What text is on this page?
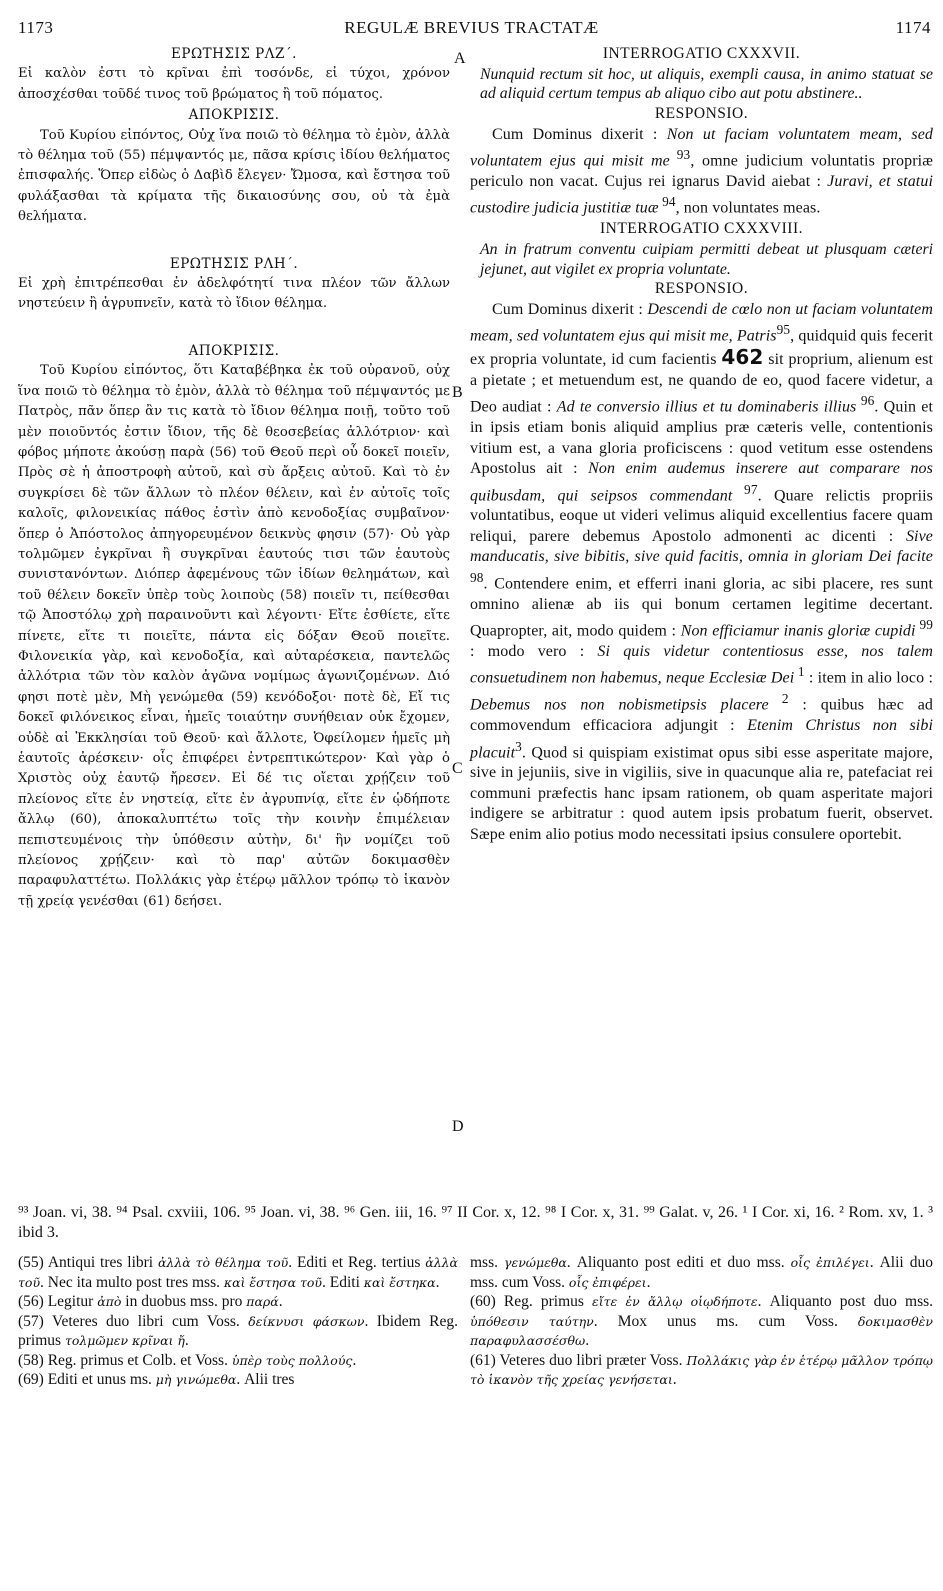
1173	REGULÆ BREVIUS TRACTATÆ	1174
A
B
C
D

ΕΡΩΤΗΣΙΣ ΡΛΖ΄.

Εἰ καλὸν ἐστι τὸ κρῖναι ἐπὶ τοσόνδε, εἰ τύχοι, χρόνον ἀποσχέσθαι τοῦδέ τινος τοῦ βρώματος ἢ τοῦ πόματος.

ΑΠΟΚΡΙΣΙΣ.

Τοῦ Κυρίου εἰπόντος, Οὐχ ἵνα ποιῶ τὸ θέλημα τὸ ἐμὸν, ἀλλὰ τὸ θέλημα τοῦ (55) πέμψαντός με, πᾶσα κρίσις ἰδίου θελήματος ἐπισφαλής. Ὅπερ εἰδὼς ὁ Δαβὶδ ἔλεγεν· Ὤμοσα, καὶ ἔστησα τοῦ φυλάξασθαι τὰ κρίματα τῆς δικαιοσύνης σου, οὐ τὰ ἐμὰ θελήματα.

ΕΡΩΤΗΣΙΣ ΡΛΗ΄.

Εἰ χρὴ ἐπιτρέπεσθαι ἐν ἀδελφότητί τινα πλέον τῶν ἄλλων νηστεύειν ἢ ἀγρυπνεῖν, κατὰ τὸ ἴδιον θέλημα.

ΑΠΟΚΡΙΣΙΣ.

Τοῦ Κυρίου εἰπόντος, ὅτι Καταβέβηκα ἐκ τοῦ οὐρανοῦ, οὐχ ἵνα ποιῶ τὸ θέλημα τὸ ἐμὸν, ἀλλὰ τὸ θέλημα τοῦ πέμψαντός με Πατρὸς, πᾶν ὅπερ ἂν τις κατὰ τὸ ἴδιον θέλημα ποιῇ, τοῦτο τοῦ μὲν ποιοῦντός ἐστιν ἴδιον, τῆς δὲ θεοσεβείας ἀλλότριον· καὶ φόβος μήποτε ἀκούσῃ παρὰ (56) τοῦ Θεοῦ περὶ οὗ δοκεῖ ποιεῖν, Πρὸς σὲ ἡ ἀποστροφὴ αὐτοῦ, καὶ σὺ ἄρξεις αὐτοῦ. Καὶ τὸ ἐν συγκρίσει δὲ τῶν ἄλλων τὸ πλέον θέλειν, καὶ ἐν αὐτοῖς τοῖς καλοῖς, φιλονεικίας πάθος ἐστὶν ἀπὸ κενοδοξίας συμβαῖνον· ὅπερ ὁ Ἀπόστολος ἀπηγορευμένον δεικνὺς φησιν (57)· Οὐ γὰρ τολμῶμεν ἐγκρῖναι ἢ συγκρῖναι ἑαυτούς τισι τῶν ἑαυτοὺς συνιστανόντων. Διόπερ ἀφεμένους τῶν ἰδίων θελημάτων, καὶ τοῦ θέλειν δοκεῖν ὑπὲρ τοὺς λοιποὺς (58) ποιεῖν τι, πείθεσθαι τῷ Ἀποστόλῳ χρὴ παραινοῦντι καὶ λέγοντι· Εἴτε ἐσθίετε, εἴτε πίνετε, εἴτε τι ποιεῖτε, πάντα εἰς δόξαν Θεοῦ ποιεῖτε. Φιλονεικία γὰρ, καὶ κενοδοξία, καὶ αὐταρέσκεια, παντελῶς ἀλλότρια τῶν τὸν καλὸν ἀγῶνα νομίμως ἀγωνιζομένων. Διό φησι ποτὲ μὲν, Μὴ γενώμεθα (59) κενόδοξοι· ποτὲ δὲ, Εἴ τις δοκεῖ φιλόνεικος εἶναι, ἡμεῖς τοιαύτην συνήθειαν οὐκ ἔχομεν, οὐδὲ αἱ Ἐκκλησίαι τοῦ Θεοῦ· καὶ ἄλλοτε, Ὀφείλομεν ἡμεῖς μὴ ἑαυτοῖς ἀρέσκειν· οἷς ἐπιφέρει ἐντρεπτικώτερον· Καὶ γὰρ ὁ Χριστὸς οὐχ ἑαυτῷ ἤρεσεν. Εἰ δέ τις οἴεται χρῄζειν τοῦ πλείονος εἴτε ἐν νηστείᾳ, εἴτε ἐν ἀγρυπνίᾳ, εἴτε ἐν ᾡδήποτε ἄλλῳ (60), ἀποκαλυπτέτω τοῖς τὴν κοινὴν ἐπιμέλειαν πεπιστευμένοις τὴν ὑπόθεσιν αὐτὴν, δι' ἣν νομίζει τοῦ πλείονος χρῄζειν· καὶ τὸ παρ' αὐτῶν δοκιμασθὲν παραφυλαττέτω. Πολλάκις γὰρ ἑτέρῳ μᾶλλον τρόπῳ τὸ ἱκανὸν τῇ χρείᾳ γενέσθαι (61) δεήσει.

INTERROGATIO CXXXVII.

Nunquid rectum sit hoc, ut aliquis, exempli causa, in animo statuat se ad aliquid certum tempus ab aliquo cibo aut potu abstinere..

RESPONSIO.

Cum Dominus dixerit : Non ut faciam voluntatem meam, sed voluntatem ejus qui misit me $^{93}$, omne judicium voluntatis propriæ periculo non vacat. Cujus rei ignarus David aiebat : Juravi, et statui custodire judicia justitiæ tuæ $^{94}$, non voluntates meas.

INTERROGATIO CXXXVIII.

An in fratrum conventu cuipiam permitti debeat ut plusquam cæteri jejunet, aut vigilet ex propria voluntate.

RESPONSIO.

Cum Dominus dixerit : Descendi de cœlo non ut faciam voluntatem meam, sed voluntatem ejus qui misit me, Patris$^{95}$, quidquid quis fecerit ex propria voluntate, id cum facientis 462 sit proprium, alienum est a pietate ; et metuendum est, ne quando de eo, quod facere videtur, a Deo audiat : Ad te conversio illius et tu dominaberis illius $^{96}$. Quin et in ipsis etiam bonis aliquid amplius præ cæteris velle, contentionis vitium est, a vana gloria proficiscens : quod vetitum esse ostendens Apostolus ait : Non enim audemus inserere aut comparare nos quibusdam, qui seipsos commendant $^{97}$. Quare relictis propriis voluntatibus, eoque ut videri velimus aliquid excellentius facere quam reliqui, parere debemus Apostolo admonenti ac dicenti : Sive manducatis, sive bibitis, sive quid facitis, omnia in gloriam Dei facite $^{98}$. Contendere enim, et efferri inani gloria, ac sibi placere, res sunt omnino alienæ ab iis qui bonum certamen legitime decertant. Quapropter, ait, modo quidem : Non efficiamur inanis gloriæ cupidi $^{99}$ : modo vero : Si quis videtur contentiosus esse, nos talem consuetudinem non habemus, neque Ecclesiæ Dei $^1$ : item in alio loco : Debemus nos non nobismetipsis placere $^2$ : quibus hæc ad commovendum efficaciora adjungit : Etenim Christus non sibi placuit$^3$. Quod si quispiam existimat opus sibi esse asperitate majore, sive in jejuniis, sive in vigiliis, sive in quacunque alia re, patefaciat rei communi præfectis hanc ipsam rationem, ob quam asperitate majori indigere se arbitratur : quod autem ipsis probatum fuerit, observet. Sæpe enim alio potius modo necessitati ipsius consulere oportebit.

⁹³ Joan. vi, 38. ⁹⁴ Psal. cxviii, 106. ⁹⁵ Joan. vi, 38. ⁹⁶ Gen. iii, 16. ⁹⁷ II Cor. x, 12. ⁹⁸ I Cor. x, 31. ⁹⁹ Galat. v, 26. ¹ I Cor. xi, 16. ² Rom. xv, 1. ³ ibid 3.

(55) Antiqui tres libri ἀλλὰ τὸ θέλημα τοῦ. Editi et Reg. tertius ἀλλὰ τοῦ. Nec ita multo post tres mss. καὶ ἔστησα τοῦ. Editi καὶ ἔστηκα.

(56) Legitur ἀπὸ in duobus mss. pro παρά.

(57) Veteres duo libri cum Voss. δείκνυσι φάσκων. Ibidem Reg. primus τολμῶμεν κρῖναι ἤ.

(58) Reg. primus et Colb. et Voss. ὑπὲρ τοὺς πολλούς.

(69) Editi et unus ms. μὴ γινώμεθα. Alii tres

mss. γενώμεθα. Aliquanto post editi et duo mss. οἷς ἐπιλέγει. Alii duo mss. cum Voss. οἷς ἐπιφέρει.

(60) Reg. primus εἴτε ἐν ἄλλῳ οἱῳδήποτε. Aliquanto post duo mss. ὑπόθεσιν ταύτην. Mox unus ms. cum Voss. δοκιμασθὲν παραφυλασσέσθω.

(61) Veteres duo libri præter Voss. Πολλάκις γὰρ ἐν ἑτέρῳ μᾶλλον τρόπῳ τὸ ἱκανὸν τῆς χρείας γενήσεται.
